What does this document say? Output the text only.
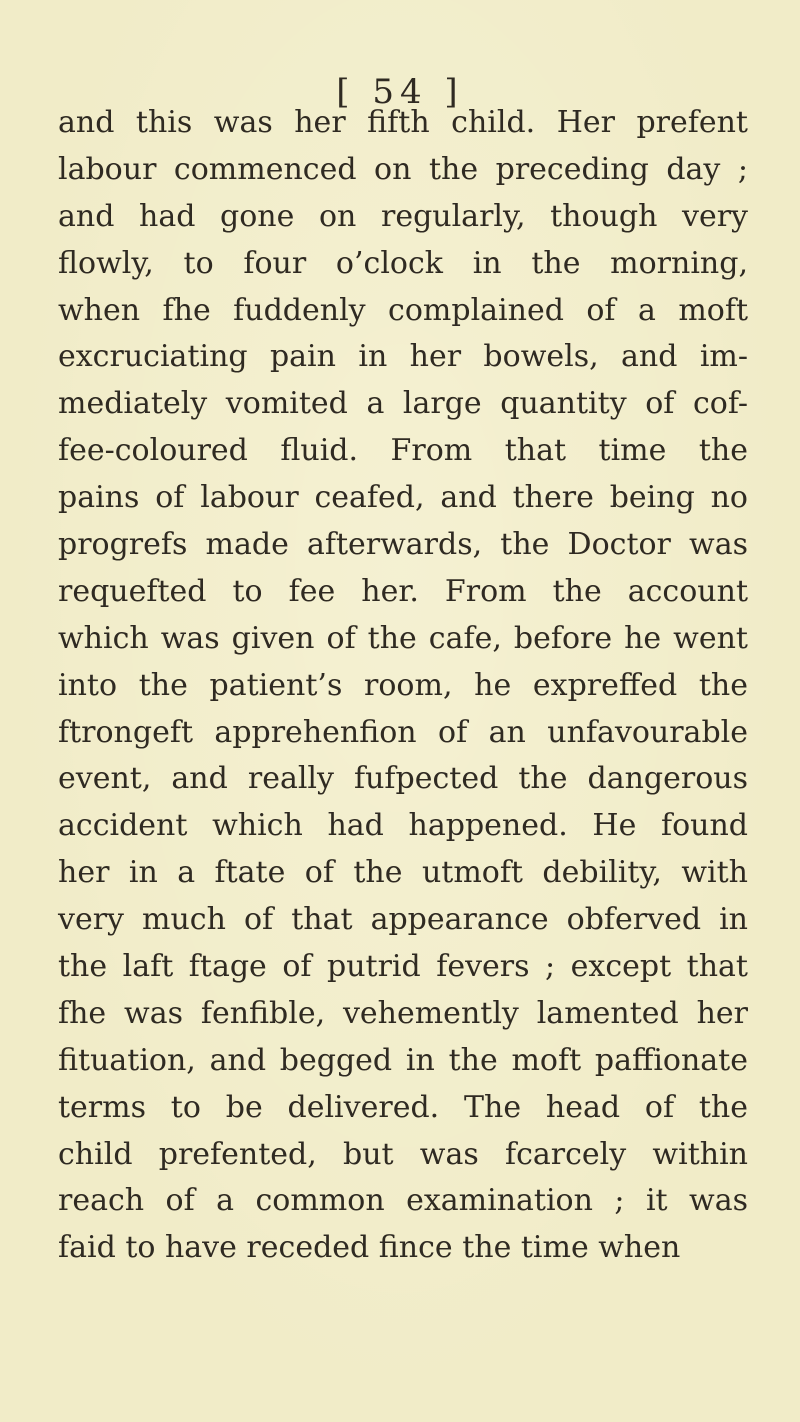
[ 54 ]
and this was her fifth child. Her prefent
labour commenced on the preceding day ;
and had gone on regularly, though very
flowly, to four o’clock in the morning,
when fhe fuddenly complained of a moft
excruciating pain in her bowels, and im-
mediately vomited a large quantity of cof-
fee-coloured fluid. From that time the
pains of labour ceafed, and there being no
progrefs made afterwards, the Doctor was
requefted to fee her. From the account
which was given of the cafe, before he went
into the patient’s room, he expreffed the
ftrongeft apprehenfion of an unfavourable
event, and really fufpected the dangerous
accident which had happened. He found
her in a ftate of the utmoft debility, with
very much of that appearance obferved in
the laft ftage of putrid fevers ; except that
fhe was fenfible, vehemently lamented her
fituation, and begged in the moft paffionate
terms to be delivered. The head of the
child prefented, but was fcarcely within
reach of a common examination ; it was
faid to have receded fince the time when
